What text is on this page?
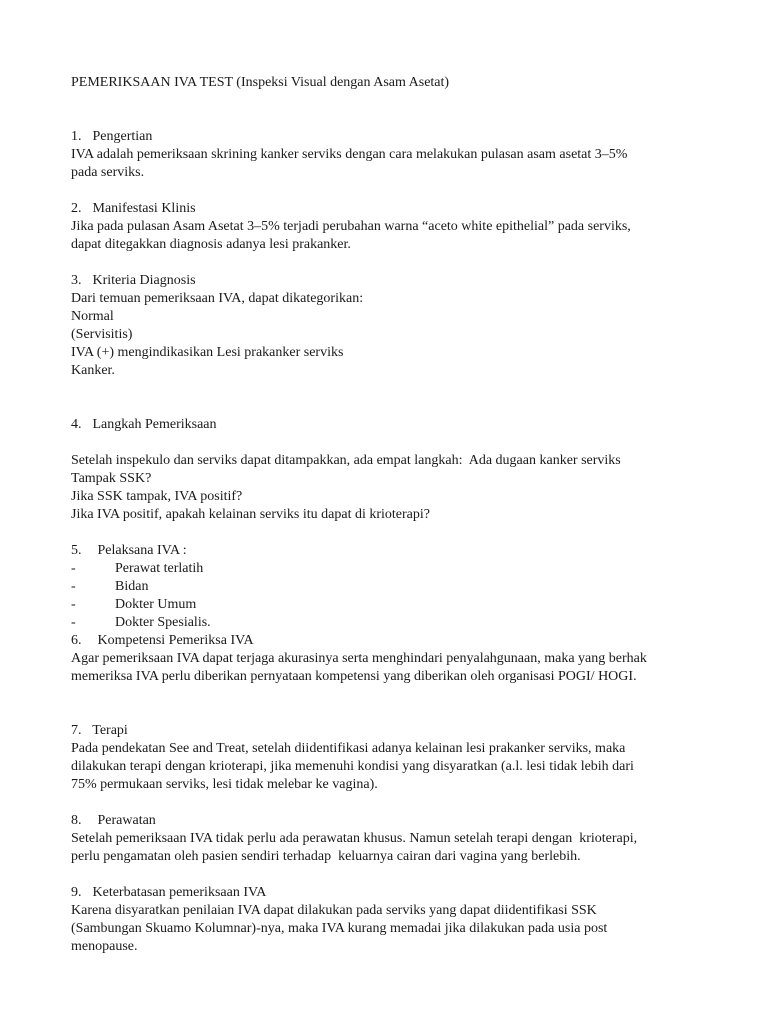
PEMERIKSAAN IVA TEST (Inspeksi Visual dengan Asam Asetat)
1. Pengertian
IVA adalah pemeriksaan skrining kanker serviks dengan cara melakukan pulasan asam asetat 3–5%
pada serviks.
2. Manifestasi Klinis
Jika pada pulasan Asam Asetat 3–5% terjadi perubahan warna “aceto white epithelial” pada serviks,
dapat ditegakkan diagnosis adanya lesi prakanker.
3. Kriteria Diagnosis
Dari temuan pemeriksaan IVA, dapat dikategorikan:
Normal
(Servisitis)
IVA (+) mengindikasikan Lesi prakanker serviks
Kanker.
4. Langkah Pemeriksaan
Setelah inspekulo dan serviks dapat ditampakkan, ada empat langkah:  Ada dugaan kanker serviks
Tampak SSK?
Jika SSK tampak, IVA positif?
Jika IVA positif, apakah kelainan serviks itu dapat di krioterapi?
5. Pelaksana IVA :
-	Perawat terlatih
-	Bidan
-	Dokter Umum
-	Dokter Spesialis.
6. Kompetensi Pemeriksa IVA
Agar pemeriksaan IVA dapat terjaga akurasinya serta menghindari penyalahgunaan, maka yang berhak
memeriksa IVA perlu diberikan pernyataan kompetensi yang diberikan oleh organisasi POGI/ HOGI.
7. Terapi
Pada pendekatan See and Treat, setelah diidentifikasi adanya kelainan lesi prakanker serviks, maka
dilakukan terapi dengan krioterapi, jika memenuhi kondisi yang disyaratkan (a.l. lesi tidak lebih dari
75% permukaan serviks, lesi tidak melebar ke vagina).
8. Perawatan
Setelah pemeriksaan IVA tidak perlu ada perawatan khusus. Namun setelah terapi dengan  krioterapi,
perlu pengamatan oleh pasien sendiri terhadap  keluarnya cairan dari vagina yang berlebih.
9. Keterbatasan pemeriksaan IVA
Karena disyaratkan penilaian IVA dapat dilakukan pada serviks yang dapat diidentifikasi SSK
(Sambungan Skuamo Kolumnar)-nya, maka IVA kurang memadai jika dilakukan pada usia post
menopause.
